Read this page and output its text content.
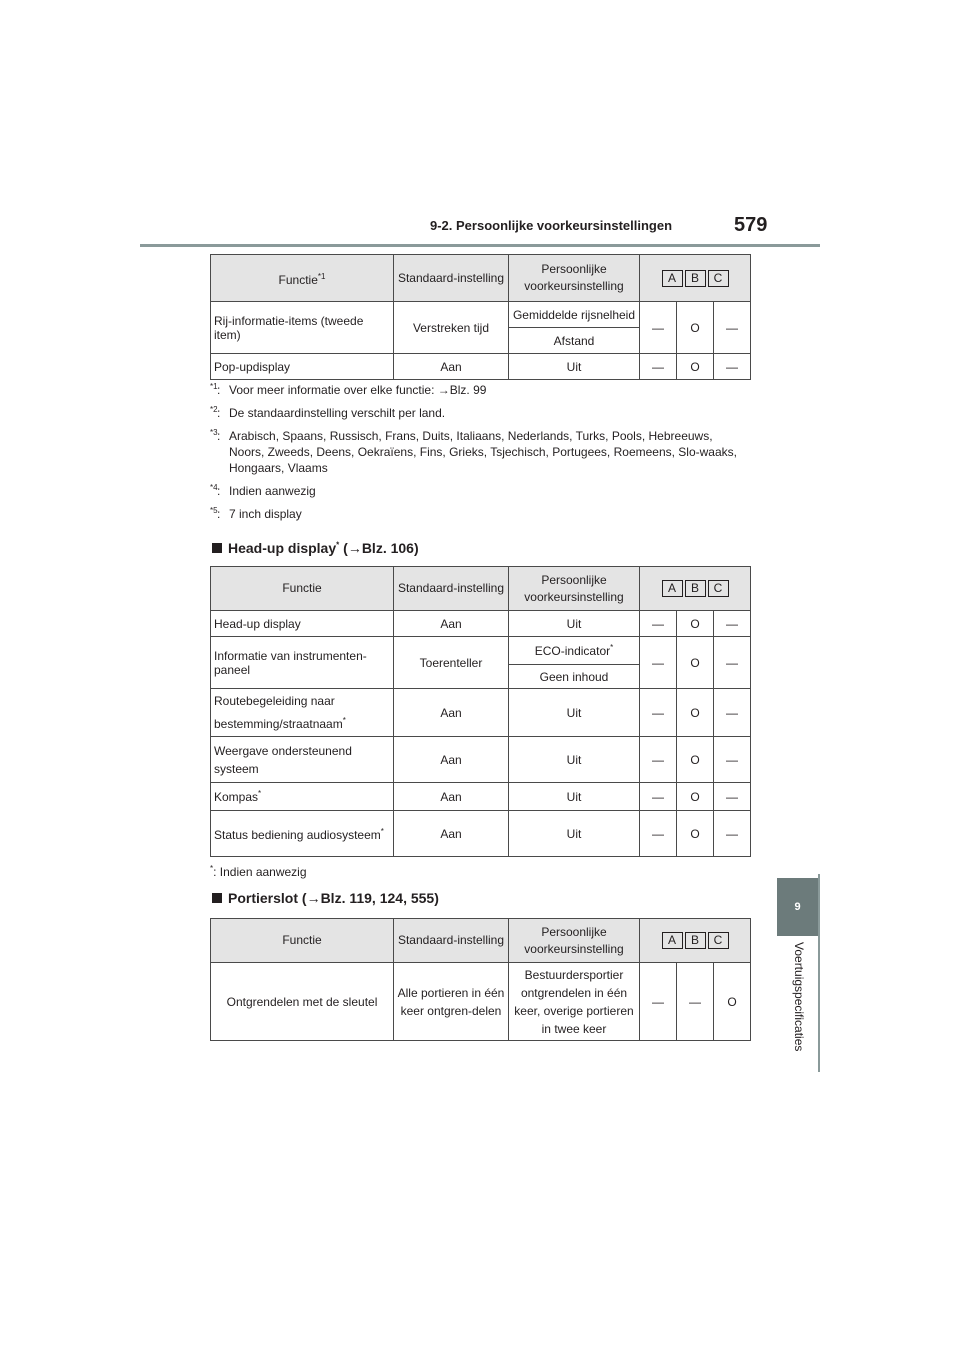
9-2. Persoonlijke voorkeursinstellingen	579
9
Voertuigspecificaties
Functie$^{*1}$	Standaard-instelling	Persoonlijke voorkeursinstelling	A B C		
Rij-informatie-items (tweede item)	Verstreken tijd	Gemiddelde rijsnelheid	—	O	—
		Afstand			
Pop-updisplay	Aan	Uit	—	O	—
*1 : Voor meer informatie over elke functie: →Blz. 99
*2 : De standaardinstelling verschilt per land.
*3 : Arabisch, Spaans, Russisch, Frans, Duits, Italiaans, Nederlands, Turks, Pools, Hebreeuws, Noors, Zweeds, Deens, Oekraïens, Fins, Grieks, Tsjechisch, Portugees, Roemeens, Slo-waaks, Hongaars, Vlaams
*4 : Indien aanwezig
*5 : 7 inch display
Head-up display* (→Blz. 106)
Functie	Standaard-instelling	Persoonlijke voorkeursinstelling	A B C		
Head-up display	Aan	Uit	—	O	—
Informatie van instrumenten-paneel	Toerenteller	ECO-indicator*	—	O	—
		Geen inhoud			
Routebegeleiding naar bestemming/straatnaam*	Aan	Uit	—	O	—
Weergave ondersteunend systeem	Aan	Uit	—	O	—
Kompas*	Aan	Uit	—	O	—
Status bediening audiosysteem*	Aan	Uit	—	O	—
*: Indien aanwezig
Portierslot (→Blz. 119, 124, 555)
Functie	Standaard-instelling	Persoonlijke voorkeursinstelling	A B C		
Ontgrendelen met de sleutel	Alle portieren in één keer ontgren-delen	Bestuurdersportier ontgrendelen in één keer, overige portieren in twee keer	—	—	O
